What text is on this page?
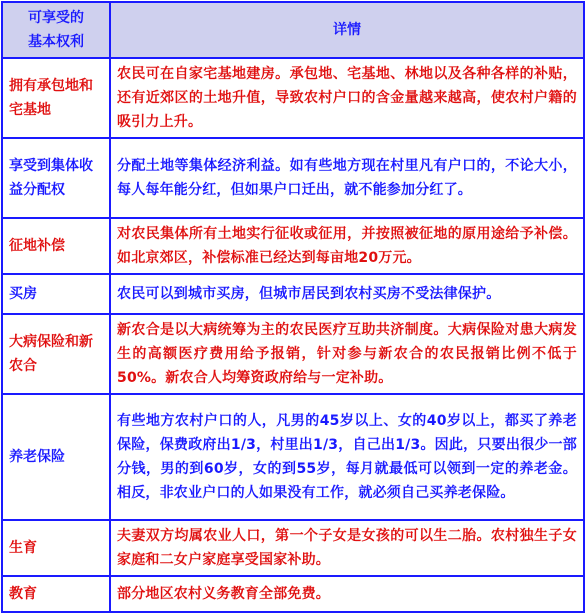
可享受的
基本权利	详情
拥有承包地和宅基地	农民可在自家宅基地建房。承包地、宅基地、林地以及各种各样的补贴，还有近郊区的土地升值，导致农村户口的含金量越来越高，使农村户籍的吸引力上升。
享受到集体收益分配权	分配土地等集体经济利益。如有些地方现在村里凡有户口的，不论大小，每人每年能分红，但如果户口迁出，就不能参加分红了。
征地补偿	对农民集体所有土地实行征收或征用，并按照被征地的原用途给予补偿。如北京郊区，补偿标准已经达到每亩地20万元。
买房	农民可以到城市买房，但城市居民到农村买房不受法律保护。
大病保险和新农合	新农合是以大病统筹为主的农民医疗互助共济制度。大病保险对患大病发生的高额医疗费用给予报销，针对参与新农合的农民报销比例不低于50%。新农合人均筹资政府给与一定补助。
养老保险	有些地方农村户口的人，凡男的45岁以上、女的40岁以上，都买了养老保险，保费政府出1/3，村里出1/3，自己出1/3。因此，只要出很少一部分钱，男的到60岁，女的到55岁，每月就最低可以领到一定的养老金。相反，非农业户口的人如果没有工作，就必须自己买养老保险。
生育	夫妻双方均属农业人口，第一个子女是女孩的可以生二胎。农村独生子女家庭和二女户家庭享受国家补助。
教育	部分地区农村义务教育全部免费。
